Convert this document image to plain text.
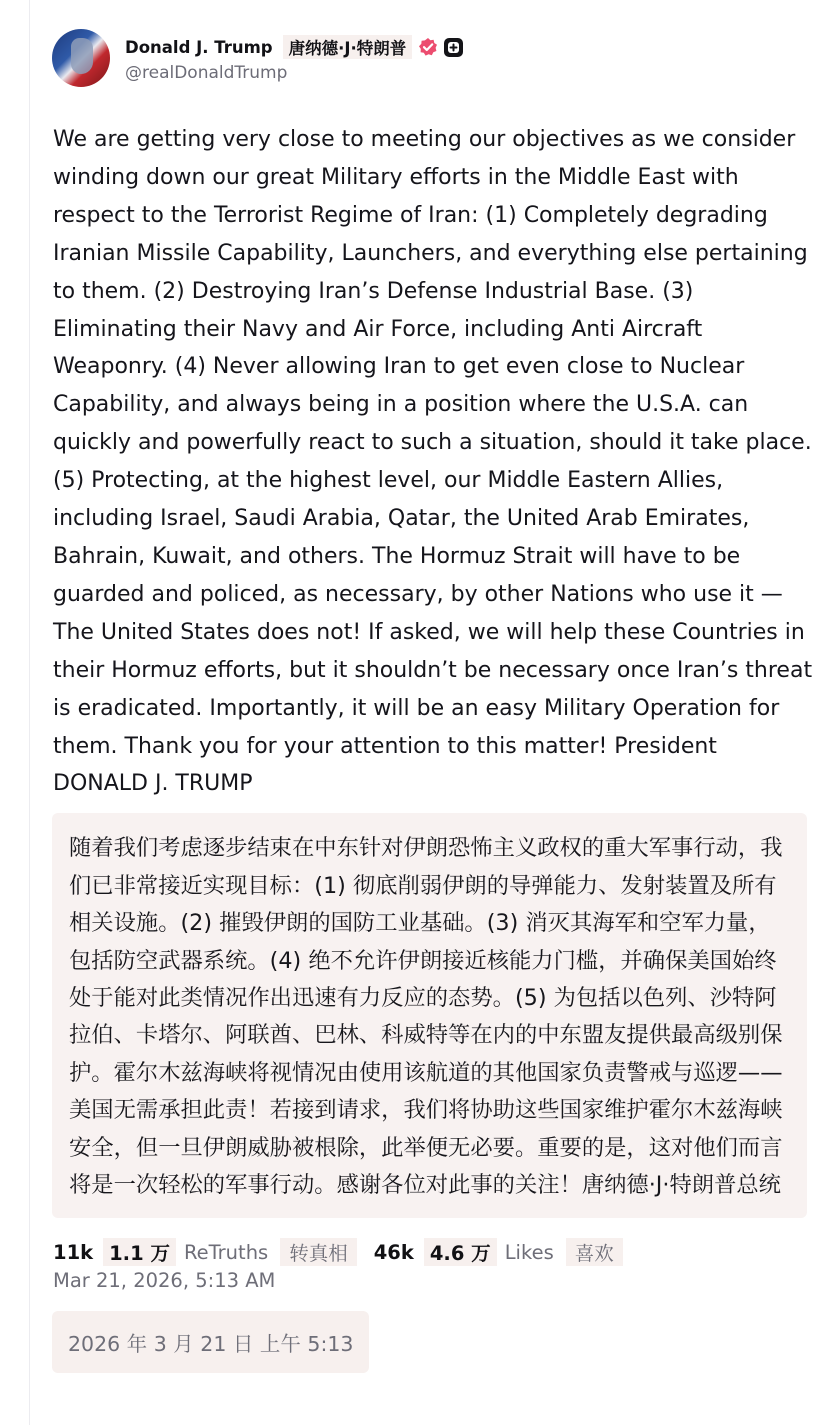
Donald J. Trump 唐纳德·J·特朗普
@realDonaldTrump
We are getting very close to meeting our objectives as we consider winding down our great Military efforts in the Middle East with respect to the Terrorist Regime of Iran: (1) Completely degrading Iranian Missile Capability, Launchers, and everything else pertaining to them. (2) Destroying Iran’s Defense Industrial Base. (3) Eliminating their Navy and Air Force, including Anti Aircraft Weaponry. (4) Never allowing Iran to get even close to Nuclear Capability, and always being in a position where the U.S.A. can quickly and powerfully react to such a situation, should it take place. (5) Protecting, at the highest level, our Middle Eastern Allies, including Israel, Saudi Arabia, Qatar, the United Arab Emirates, Bahrain, Kuwait, and others. The Hormuz Strait will have to be guarded and policed, as necessary, by other Nations who use it — The United States does not! If asked, we will help these Countries in their Hormuz efforts, but it shouldn’t be necessary once Iran’s threat is eradicated. Importantly, it will be an easy Military Operation for them. Thank you for your attention to this matter! President DONALD J. TRUMP
随着我们考虑逐步结束在中东针对伊朗恐怖主义政权的重大军事行动，我们已非常接近实现目标：(1) 彻底削弱伊朗的导弹能力、发射装置及所有相关设施。(2) 摧毁伊朗的国防工业基础。(3) 消灭其海军和空军力量，包括防空武器系统。(4) 绝不允许伊朗接近核能力门槛，并确保美国始终处于能对此类情况作出迅速有力反应的态势。(5) 为包括以色列、沙特阿拉伯、卡塔尔、阿联酋、巴林、科威特等在内的中东盟友提供最高级别保护。霍尔木兹海峡将视情况由使用该航道的其他国家负责警戒与巡逻——美国无需承担此责！若接到请求，我们将协助这些国家维护霍尔木兹海峡安全，但一旦伊朗威胁被根除，此举便无必要。重要的是，这对他们而言将是一次轻松的军事行动。感谢各位对此事的关注！唐纳德·J·特朗普总统
11k 1.1 万 ReTruths	转真相	46k 4.6 万 Likes	喜欢
Mar 21, 2026, 5:13 AM
2026 年 3 月 21 日 上午 5:13
